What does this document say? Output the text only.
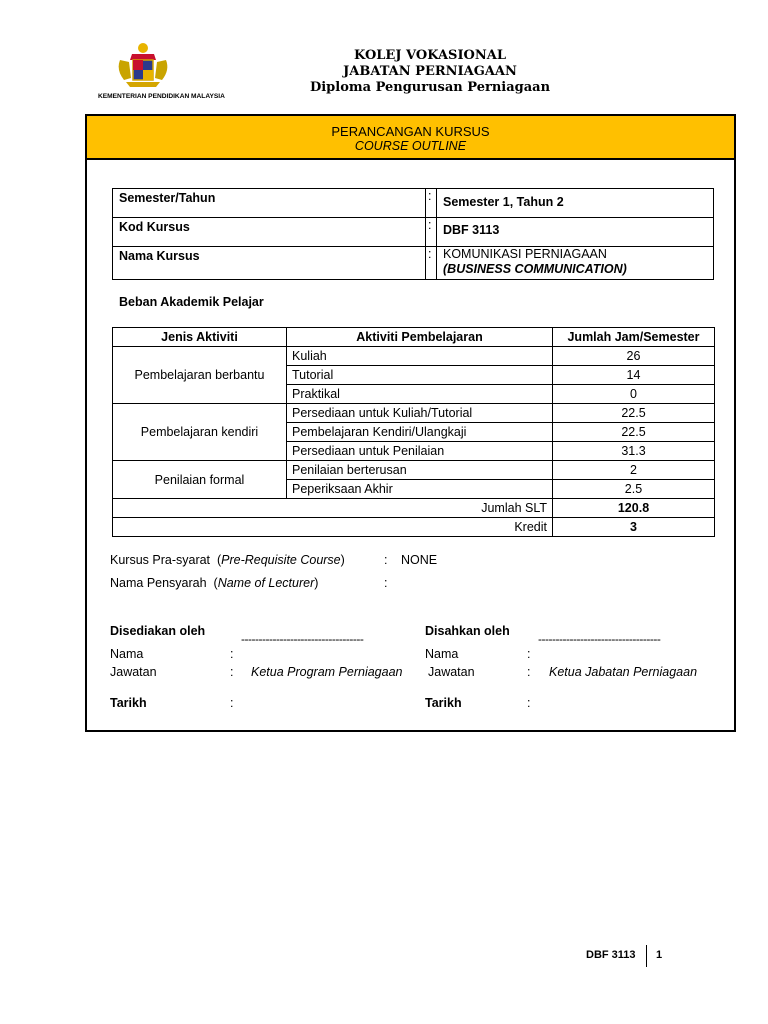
KEMENTERIAN PENDIDIKAN MALAYSIA
KOLEJ VOKASIONAL
JABATAN PERNIAGAAN
Diploma Pengurusan Perniagaan
PERANCANGAN KURSUS
COURSE OUTLINE
Semester/Tahun	:	Semester 1, Tahun 2
Kod Kursus	:	DBF 3113
Nama Kursus	:	KOMUNIKASI PERNIAGAAN
(BUSINESS COMMUNICATION)
Beban Akademik Pelajar
Jenis Aktiviti	Aktiviti Pembelajaran	Jumlah Jam/Semester
Pembelajaran berbantu	Kuliah	26
	Tutorial	14
	Praktikal	0
Pembelajaran kendiri	Persediaan untuk Kuliah/Tutorial	22.5
	Pembelajaran Kendiri/Ulangkaji	22.5
	Persediaan untuk Penilaian	31.3
Penilaian formal	Penilaian berterusan	2
	Peperiksaan Akhir	2.5
Jumlah SLT		120.8
Kredit		3
Kursus Pra-syarat  (Pre-Requisite Course)	: NONE
Nama Pensyarah  (Name of Lecturer)	:
Disediakan oleh
-----------------------------------
Nama	:
Jawatan	: Ketua Program Perniagaan
Tarikh	:
Disahkan oleh
-----------------------------------
Nama	:
Jawatan	: Ketua Jabatan Perniagaan
Tarikh	:
DBF 3113 1
